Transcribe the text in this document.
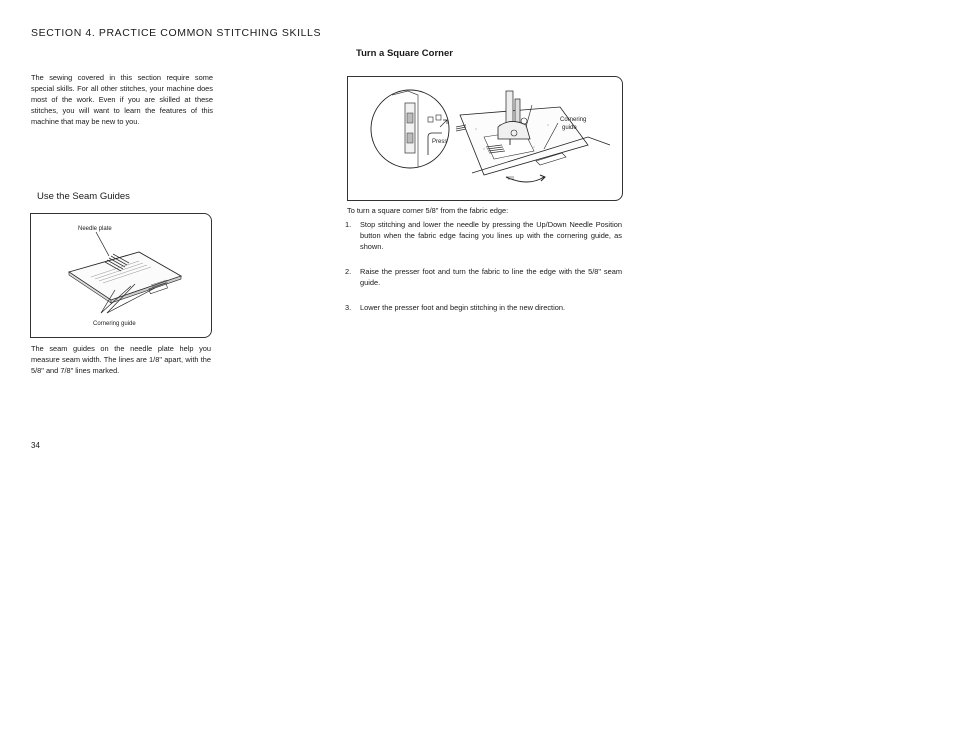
SECTION 4. PRACTICE COMMON STITCHING SKILLS

The sewing covered in this section require some special skills. For all other stitches, your machine does most of the work. Even if you are skilled at these stitches, you will want to learn the features of this machine that may be new to you.

Use the Seam Guides
Needle plate
Cornering guide

The seam guides on the needle plate help you measure seam width. The lines are 1/8" apart, with the 5/8" and 7/8" lines marked.

Turn a Square Corner
Press
Cornering
guide
To turn a square corner 5/8" from the fabric edge:
1.	Stop stitching and lower the needle by pressing the Up/Down Needle Position button when the fabric edge facing you lines up with the cornering guide, as shown.
2.	Raise the presser foot and turn the fabric to line the edge with the 5/8" seam guide.
3.	Lower the presser foot and begin stitching in the new direction.
34
